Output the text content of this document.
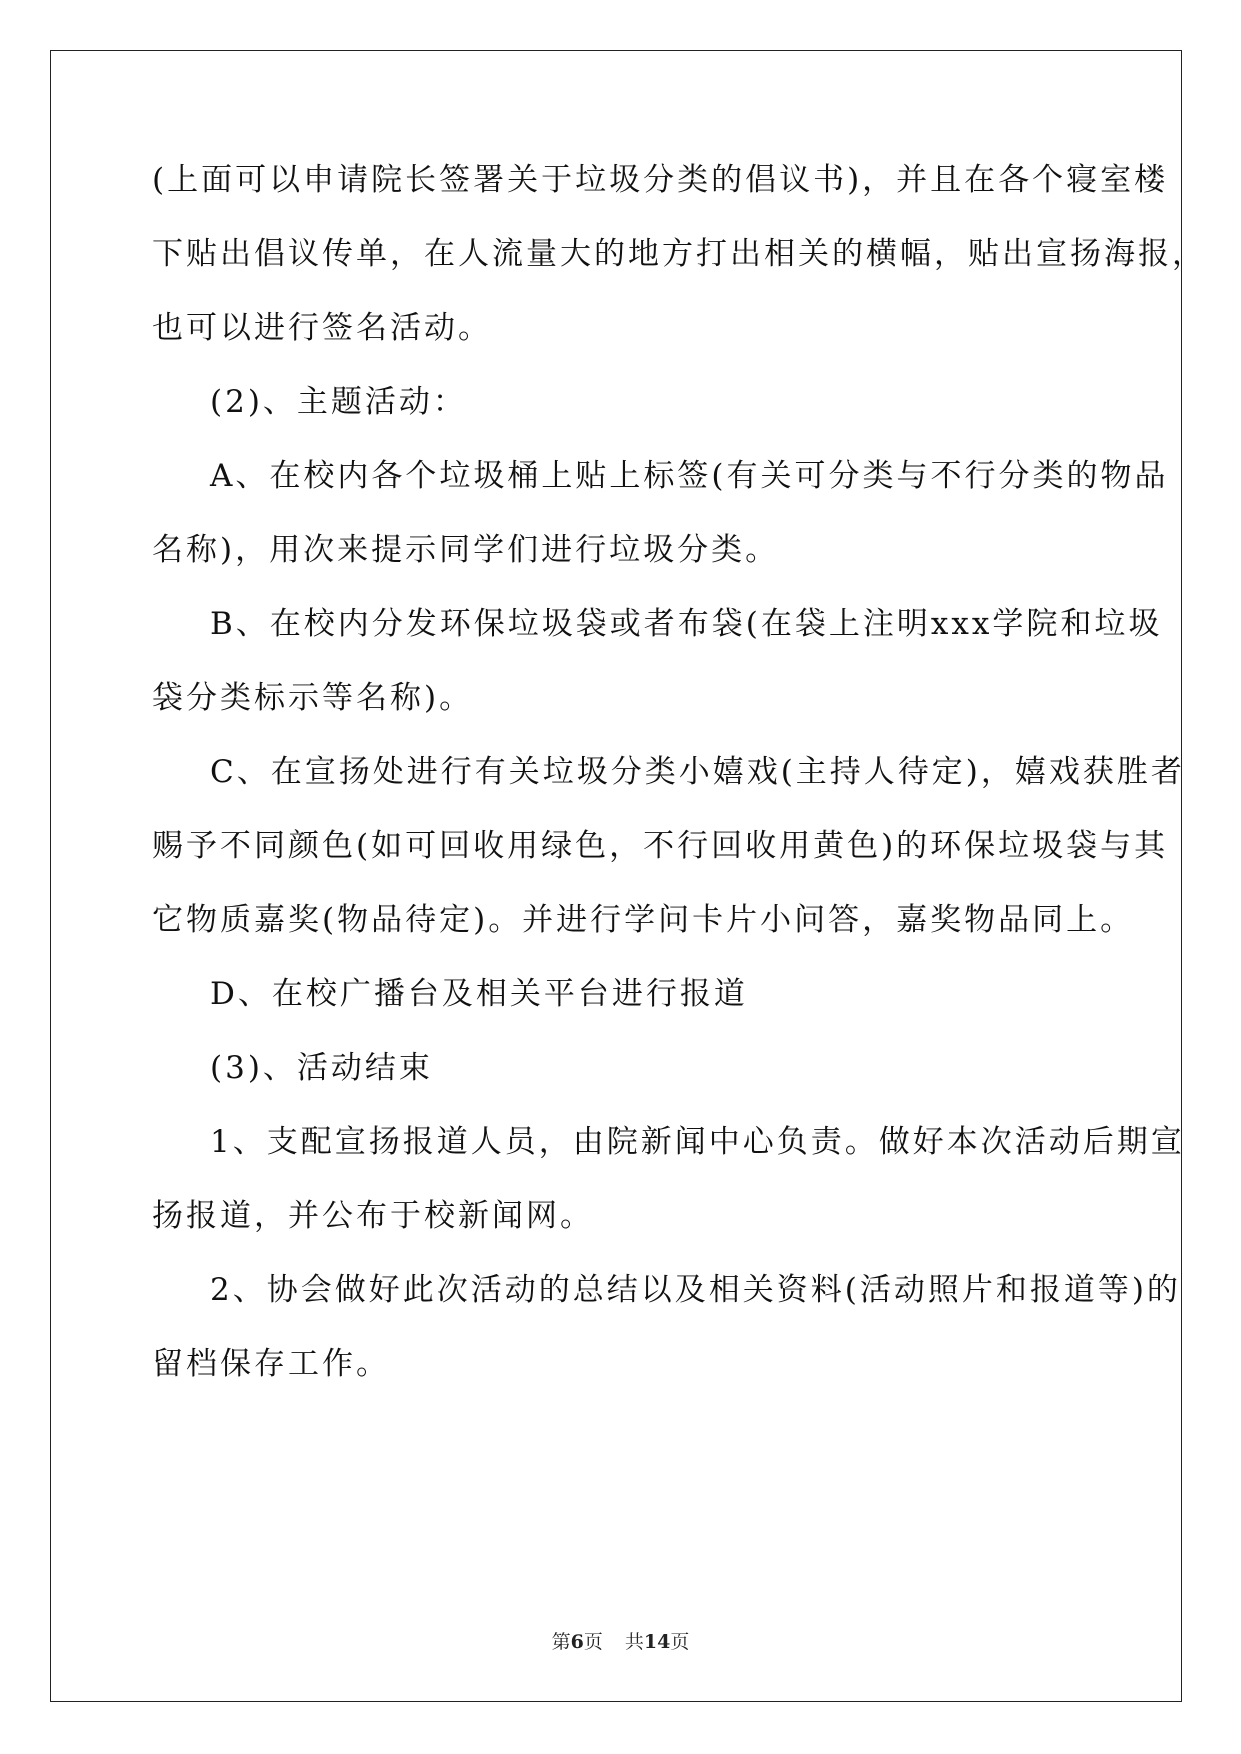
(上面可以申请院长签署关于垃圾分类的倡议书)，并且在各个寝室楼
下贴出倡议传单，在人流量大的地方打出相关的横幅，贴出宣扬海报，
也可以进行签名活动。
(2)、主题活动：
A、在校内各个垃圾桶上贴上标签(有关可分类与不行分类的物品
名称)，用次来提示同学们进行垃圾分类。
B、在校内分发环保垃圾袋或者布袋(在袋上注明xxx学院和垃圾
袋分类标示等名称)。
C、在宣扬处进行有关垃圾分类小嬉戏(主持人待定)，嬉戏获胜者
赐予不同颜色(如可回收用绿色，不行回收用黄色)的环保垃圾袋与其
它物质嘉奖(物品待定)。并进行学问卡片小问答，嘉奖物品同上。
D、在校广播台及相关平台进行报道
(3)、活动结束
1、支配宣扬报道人员，由院新闻中心负责。做好本次活动后期宣
扬报道，并公布于校新闻网。
2、协会做好此次活动的总结以及相关资料(活动照片和报道等)的
留档保存工作。
第6页 共14页
